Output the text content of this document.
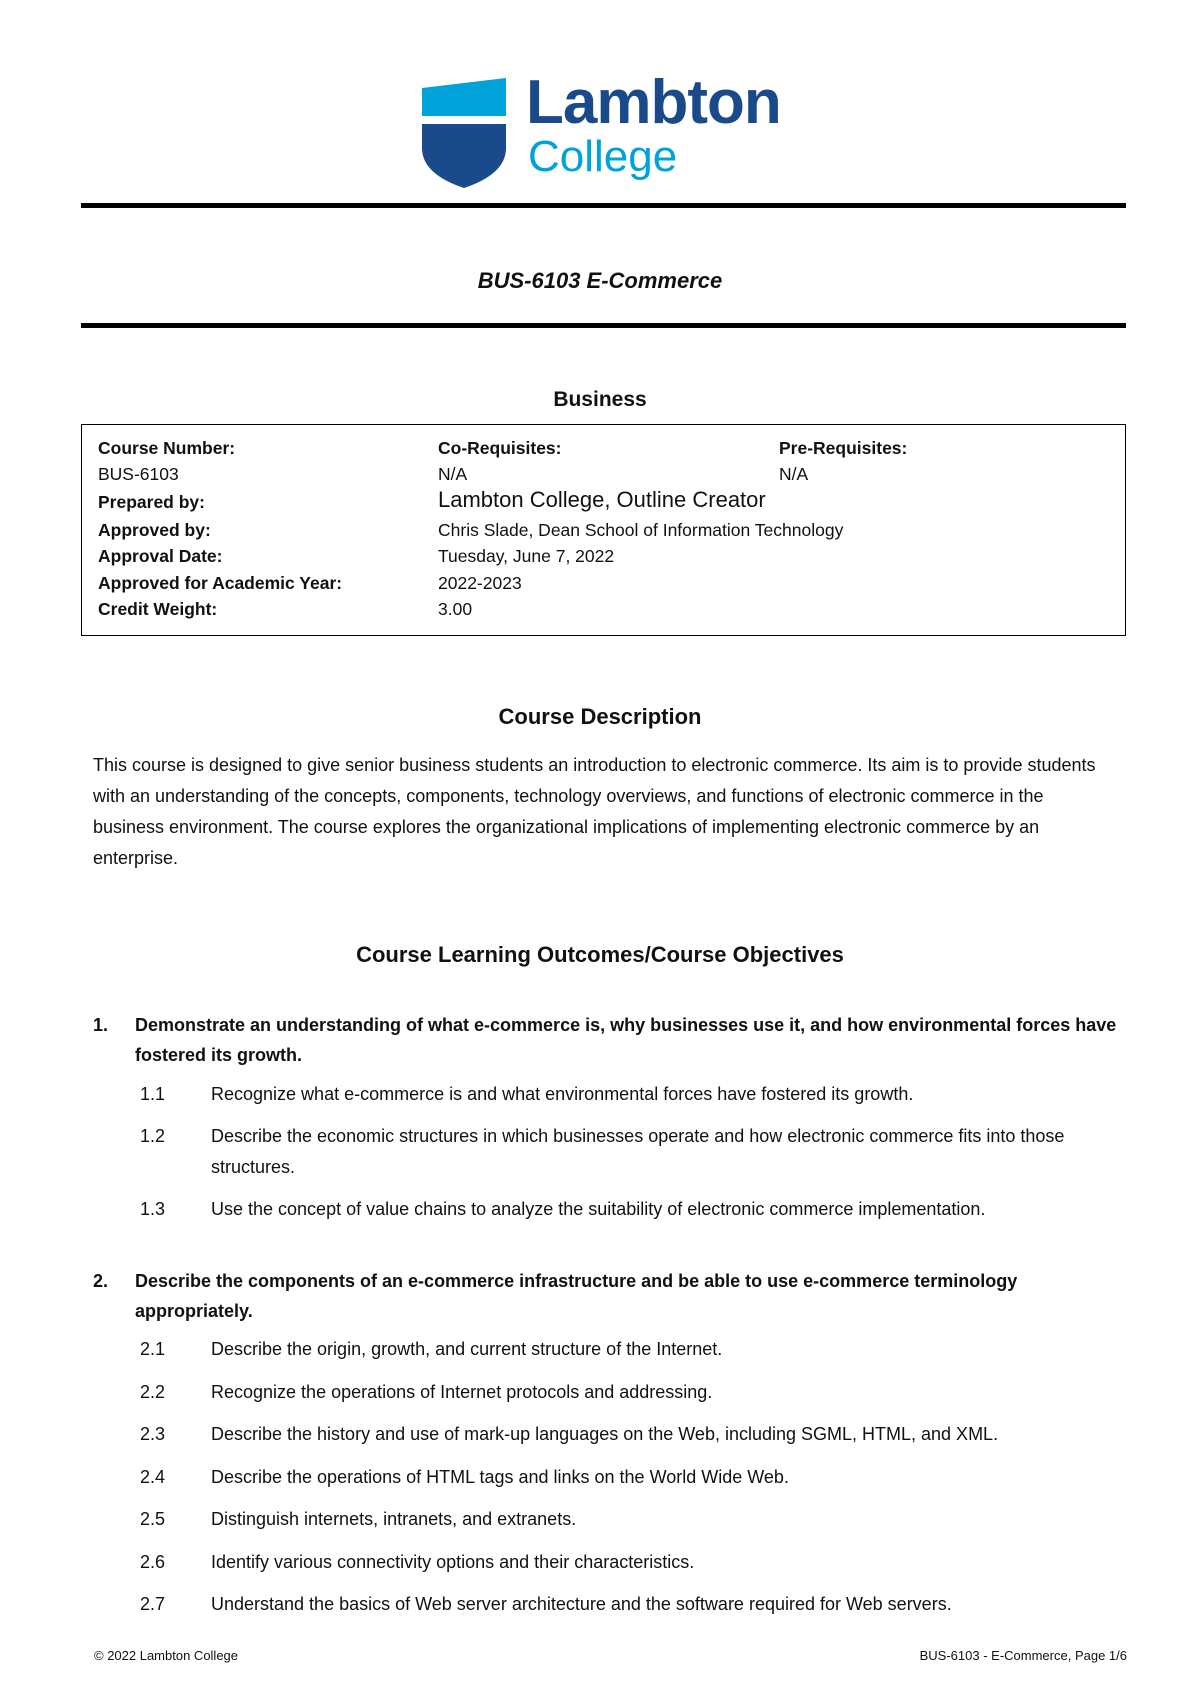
Lambton
College
BUS-6103 E-Commerce
Business
Course Number:
BUS-6103
Co-Requisites:
N/A
Pre-Requisites:
N/A
Prepared by:	Lambton College, Outline Creator
Approved by:	Chris Slade, Dean School of Information Technology
Approval Date:	Tuesday, June 7, 2022
Approved for Academic Year:	2022-2023
Credit Weight:	3.00
Course Description
This course is designed to give senior business students an introduction to electronic commerce. Its aim is to provide students with an understanding of the concepts, components, technology overviews, and functions of electronic commerce in the business environment. The course explores the organizational implications of implementing electronic commerce by an enterprise.
Course Learning Outcomes/Course Objectives
1. Demonstrate an understanding of what e-commerce is, why businesses use it, and how environmental forces have fostered its growth.
1.1	Recognize what e-commerce is and what environmental forces have fostered its growth.
1.2	Describe the economic structures in which businesses operate and how electronic commerce fits into those structures.
1.3	Use the concept of value chains to analyze the suitability of electronic commerce implementation.
2. Describe the components of an e-commerce infrastructure and be able to use e-commerce terminology appropriately.
2.1	Describe the origin, growth, and current structure of the Internet.
2.2	Recognize the operations of Internet protocols and addressing.
2.3	Describe the history and use of mark-up languages on the Web, including SGML, HTML, and XML.
2.4	Describe the operations of HTML tags and links on the World Wide Web.
2.5	Distinguish internets, intranets, and extranets.
2.6	Identify various connectivity options and their characteristics.
2.7	Understand the basics of Web server architecture and the software required for Web servers.
© 2022 Lambton College	BUS-6103 - E-Commerce, Page 1/6
